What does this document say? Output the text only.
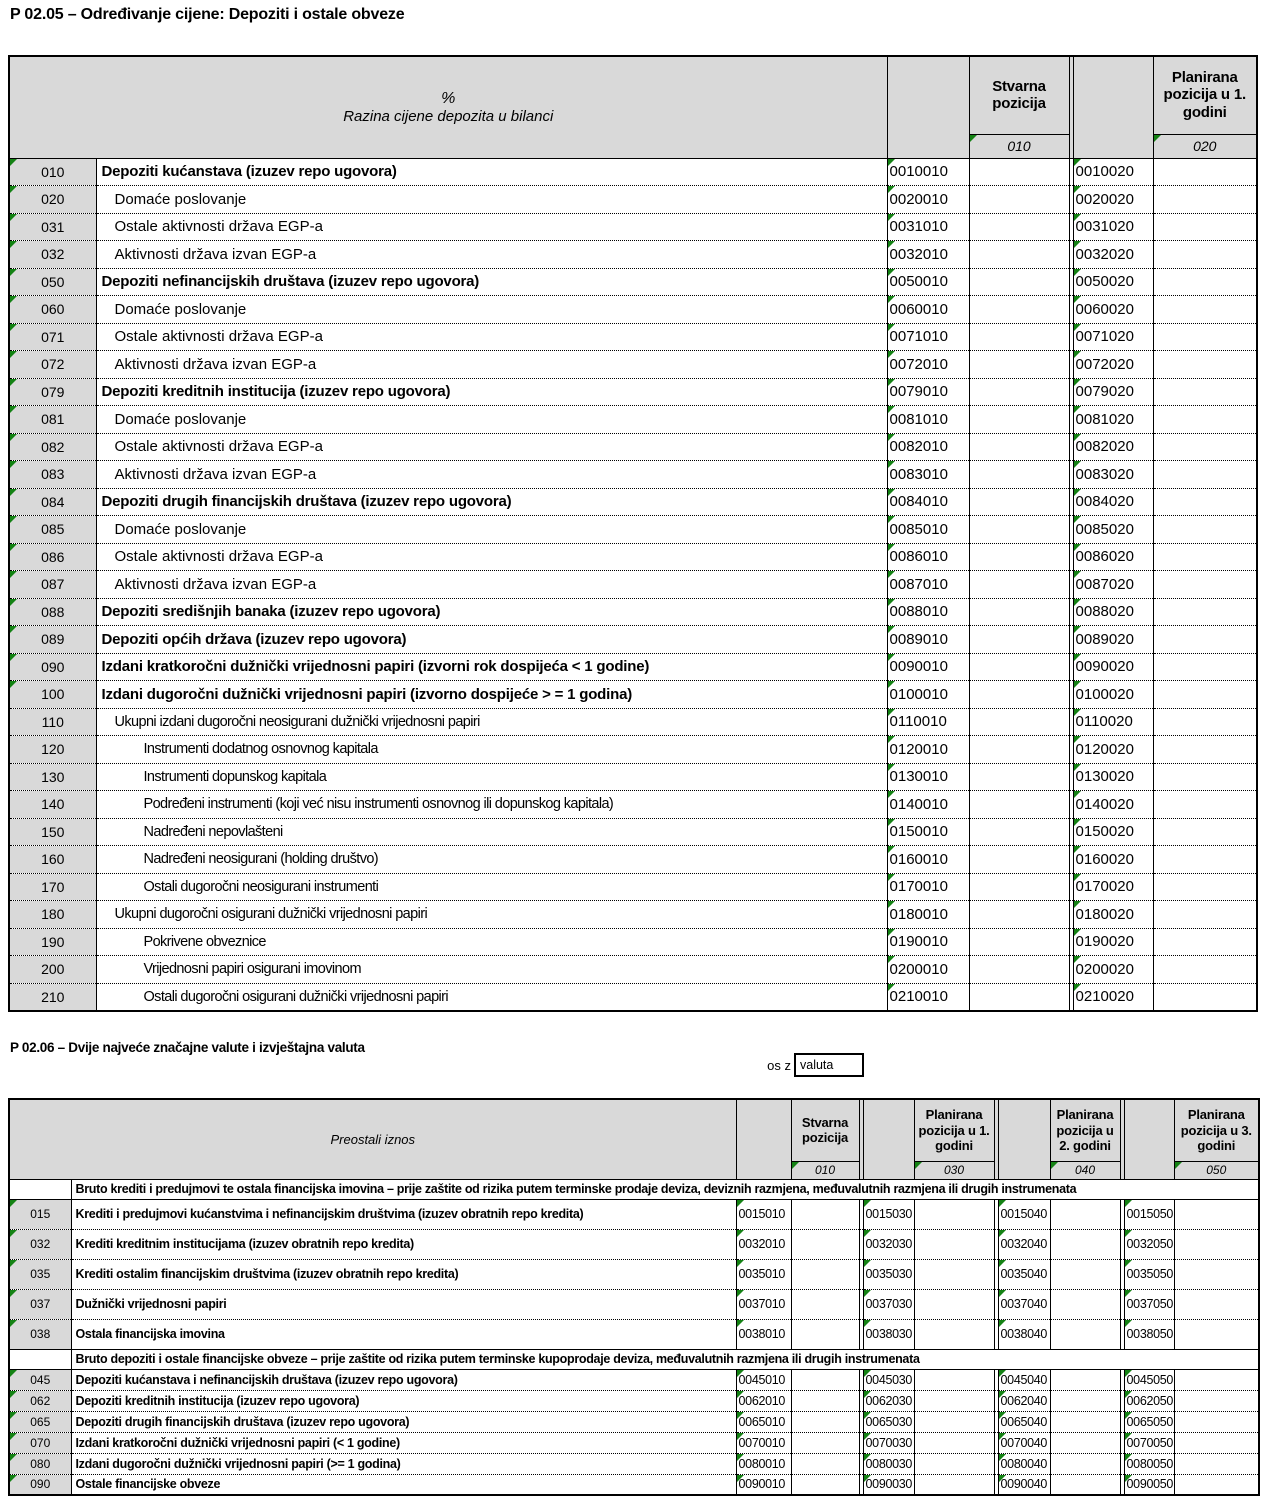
P 02.05 – Određivanje cijene: Depoziti i ostale obveze
%
Razina cijene depozita u bilanci			Stvarna pozicija			Planirana pozicija u 1. godini
			010			020
010	Depoziti kućanstava (izuzev repo ugovora)	0010010			0010020	
020	Domaće poslovanje	0020010			0020020	
031	Ostale aktivnosti država EGP-a	0031010			0031020	
032	Aktivnosti država izvan EGP-a	0032010			0032020	
050	Depoziti nefinancijskih društava (izuzev repo ugovora)	0050010			0050020	
060	Domaće poslovanje	0060010			0060020	
071	Ostale aktivnosti država EGP-a	0071010			0071020	
072	Aktivnosti država izvan EGP-a	0072010			0072020	
079	Depoziti kreditnih institucija (izuzev repo ugovora)	0079010			0079020	
081	Domaće poslovanje	0081010			0081020	
082	Ostale aktivnosti država EGP-a	0082010			0082020	
083	Aktivnosti država izvan EGP-a	0083010			0083020	
084	Depoziti drugih financijskih društava (izuzev repo ugovora)	0084010			0084020	
085	Domaće poslovanje	0085010			0085020	
086	Ostale aktivnosti država EGP-a	0086010			0086020	
087	Aktivnosti država izvan EGP-a	0087010			0087020	
088	Depoziti središnjih banaka (izuzev repo ugovora)	0088010			0088020	
089	Depoziti općih država (izuzev repo ugovora)	0089010			0089020	
090	Izdani kratkoročni dužnički vrijednosni papiri (izvorni rok dospijeća < 1 godine)	0090010			0090020	
100	Izdani dugoročni dužnički vrijednosni papiri (izvorno dospijeće > = 1 godina)	0100010			0100020	
110	Ukupni izdani dugoročni neosigurani dužnički vrijednosni papiri	0110010			0110020	
120	Instrumenti dodatnog osnovnog kapitala	0120010			0120020	
130	Instrumenti dopunskog kapitala	0130010			0130020	
140	Podređeni instrumenti (koji već nisu instrumenti osnovnog ili dopunskog kapitala)	0140010			0140020	
150	Nadređeni nepovlašteni	0150010			0150020	
160	Nadređeni neosigurani (holding društvo)	0160010			0160020	
170	Ostali dugoročni neosigurani instrumenti	0170010			0170020	
180	Ukupni dugoročni osigurani dužnički vrijednosni papiri	0180010			0180020	
190	Pokrivene obveznice	0190010			0190020	
200	Vrijednosni papiri osigurani imovinom	0200010			0200020	
210	Ostali dugoročni osigurani dužnički vrijednosni papiri	0210010			0210020	
P 02.06 – Dvije najveće značajne valute i izvještajna valuta
os z valuta
Preostali iznos			Stvarna pozicija			Planirana pozicija u 1. godini			Planirana pozicija u 2. godini			Planirana pozicija u 3. godini
			010			030			040			050
	Bruto krediti i predujmovi te ostala financijska imovina – prije zaštite od rizika putem terminske prodaje deviza, deviznih razmjena, međuvalutnih razmjena ili drugih instrumenata											
015	Krediti i predujmovi kućanstvima i nefinancijskim društvima (izuzev obratnih repo kredita)	0015010			0015030			0015040			0015050	
032	Krediti kreditnim institucijama (izuzev obratnih repo kredita)	0032010			0032030			0032040			0032050	
035	Krediti ostalim financijskim društvima (izuzev obratnih repo kredita)	0035010			0035030			0035040			0035050	
037	Dužnički vrijednosni papiri	0037010			0037030			0037040			0037050	
038	Ostala financijska imovina	0038010			0038030			0038040			0038050	
	Bruto depoziti i ostale financijske obveze – prije zaštite od rizika putem terminske kupoprodaje deviza, međuvalutnih razmjena ili drugih instrumenata											
045	Depoziti kućanstava i nefinancijskih društava (izuzev repo ugovora)	0045010			0045030			0045040			0045050	
062	Depoziti kreditnih institucija (izuzev repo ugovora)	0062010			0062030			0062040			0062050	
065	Depoziti drugih financijskih društava (izuzev repo ugovora)	0065010			0065030			0065040			0065050	
070	Izdani kratkoročni dužnički vrijednosni papiri (< 1 godine)	0070010			0070030			0070040			0070050	
080	Izdani dugoročni dužnički vrijednosni papiri (>= 1 godina)	0080010			0080030			0080040			0080050	
090	Ostale financijske obveze	0090010			0090030			0090040			0090050	
